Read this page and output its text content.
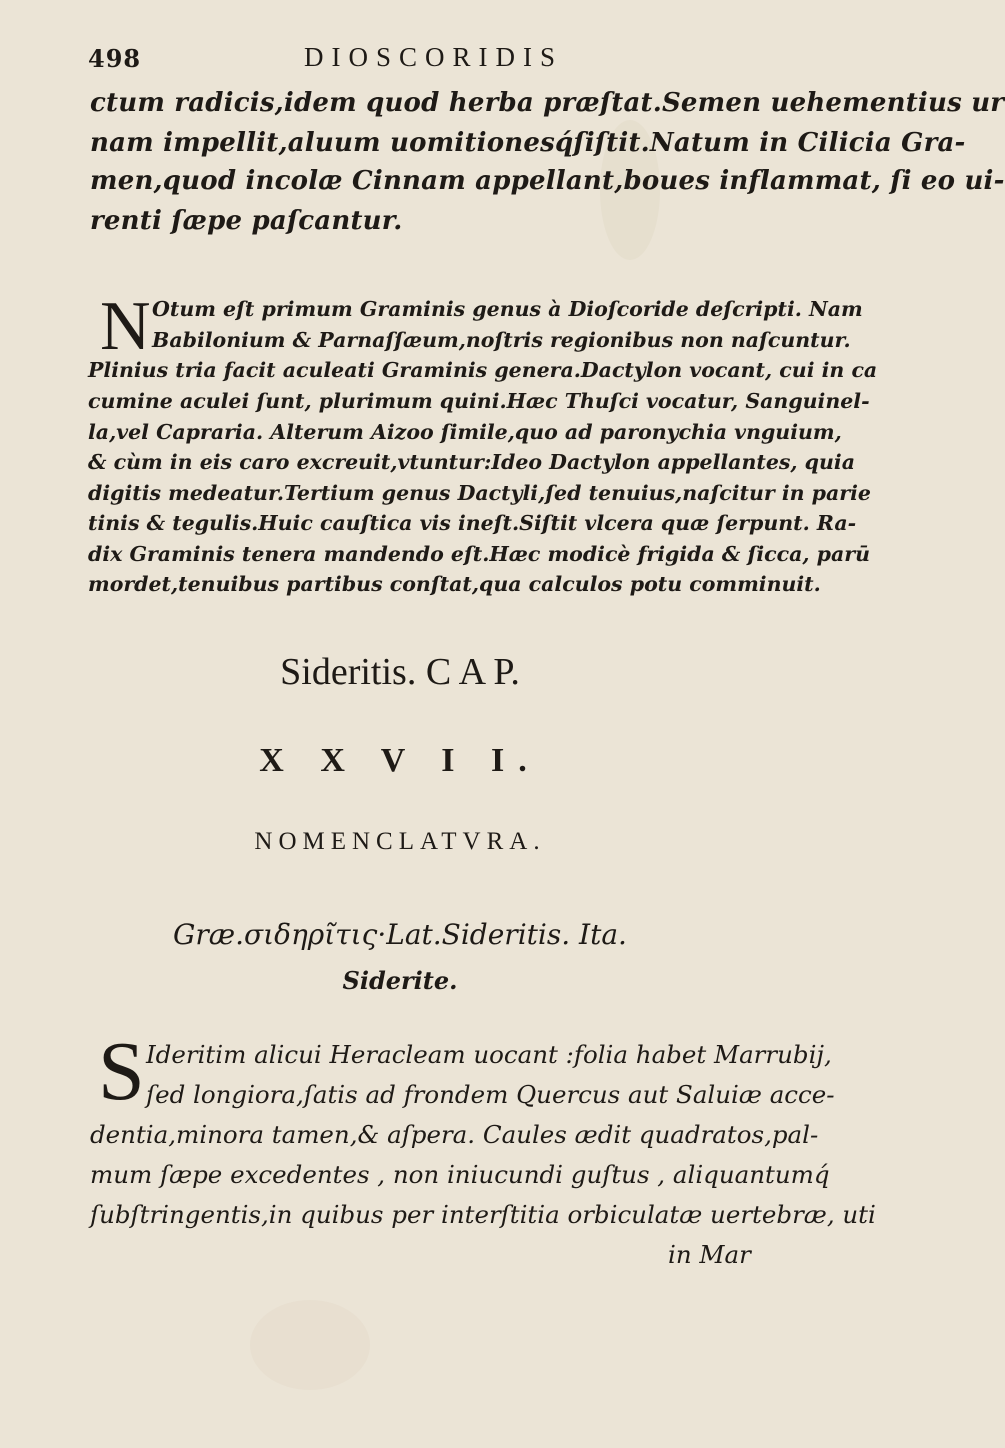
498	DIOSCORIDIS
ctum radicis,idem quod herba præſtat.Semen uehementius ur
nam impellit,aluum uomitionesq́ſiſtit.Natum in Cilicia Gra-
men,quod incolæ Cinnam appellant,boues inflammat, ſi eo ui-
renti ſæpe paſcantur.
N Otum eſt primum Graminis genus à Dioſcoride deſcripti. Nam
Babilonium & Parnaſſæum,noſtris regionibus non naſcuntur.
Plinius tria facit aculeati Graminis genera.Dactylon vocant, cui in ca
cumine aculei ſunt, plurimum quini.Hæc Thuſci vocatur, Sanguinel-
la,vel Capraria. Alterum Aizoo ſimile,quo ad paronychia vnguium,
& cùm in eis caro excreuit,vtuntur:Ideo Dactylon appellantes, quia
digitis medeatur.Tertium genus Dactyli,ſed tenuius,naſcitur in parie
tinis & tegulis.Huic cauſtica vis ineſt.Siſtit vlcera quæ ſerpunt. Ra-
dix Graminis tenera mandendo eſt.Hæc modicè frigida & ſicca, parū
mordet,tenuibus partibus conſtat,qua calculos potu comminuit.
Sideritis. C A P.
X X V I I.
NOMENCLATVRA.
Græ.σιδηρῖτις·Lat.Sideritis. Ita.
Siderite.
S Ideritim alicui Heracleam uocant :folia habet Marrubij,
ſed longiora,ſatis ad frondem Quercus aut Saluiæ acce-
dentia,minora tamen,& aſpera. Caules ædit quadratos,pal-
mum ſæpe excedentes , non iniucundi guſtus , aliquantumq́
ſubſtringentis,in quibus per interſtitia orbiculatæ uertebræ, uti
in Mar
